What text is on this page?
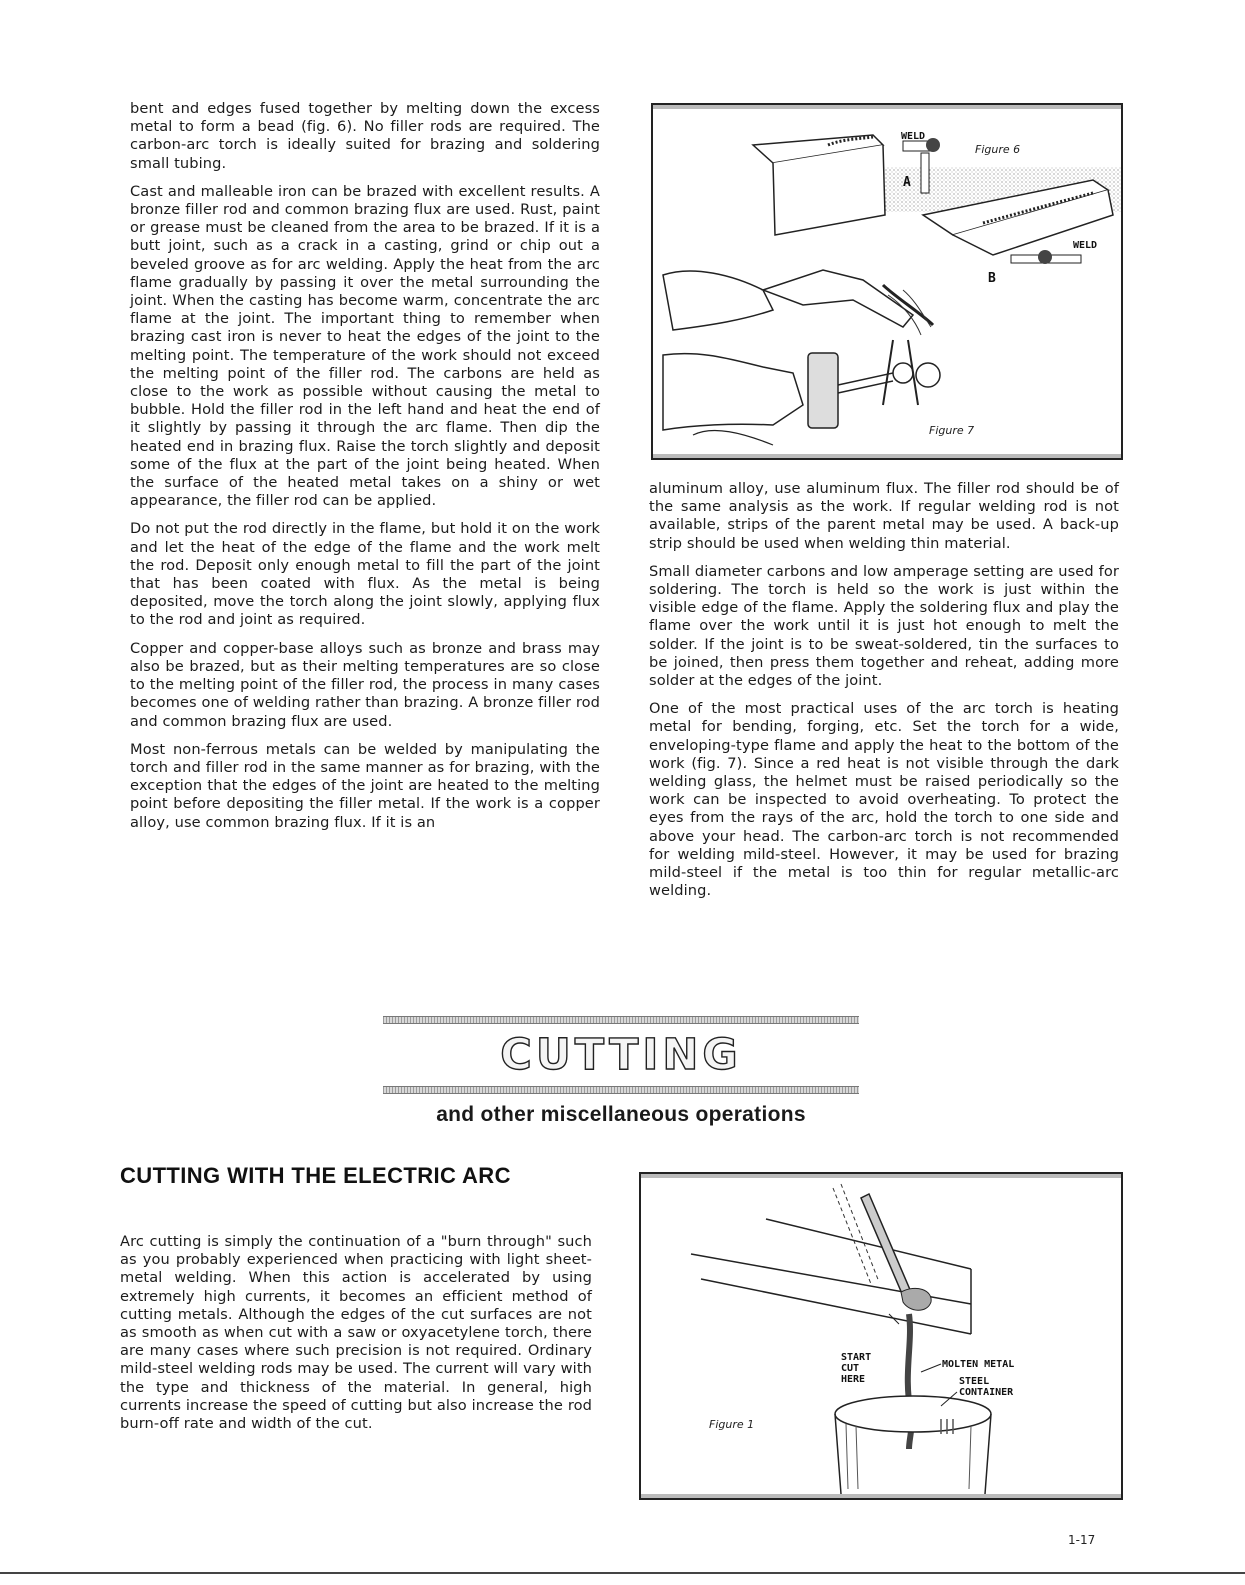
bent and edges fused together by melting down the excess metal to form a bead (fig. 6). No filler rods are required. The carbon-arc torch is ideally suited for brazing and soldering small tubing.

Cast and malleable iron can be brazed with excellent results. A bronze filler rod and common brazing flux are used. Rust, paint or grease must be cleaned from the area to be brazed. If it is a butt joint, such as a crack in a casting, grind or chip out a beveled groove as for arc welding. Apply the heat from the arc flame gradually by passing it over the metal surrounding the joint. When the casting has become warm, concentrate the arc flame at the joint. The important thing to remember when brazing cast iron is never to heat the edges of the joint to the melting point. The temperature of the work should not exceed the melting point of the filler rod. The carbons are held as close to the work as possible without causing the metal to bubble. Hold the filler rod in the left hand and heat the end of it slightly by passing it through the arc flame. Then dip the heated end in brazing flux. Raise the torch slightly and deposit some of the flux at the part of the joint being heated. When the surface of the heated metal takes on a shiny or wet appearance, the filler rod can be applied.

Do not put the rod directly in the flame, but hold it on the work and let the heat of the edge of the flame and the work melt the rod. Deposit only enough metal to fill the part of the joint that has been coated with flux. As the metal is being deposited, move the torch along the joint slowly, applying flux to the rod and joint as required.

Copper and copper-base alloys such as bronze and brass may also be brazed, but as their melting temperatures are so close to the melting point of the filler rod, the process in many cases becomes one of welding rather than brazing. A bronze filler rod and common brazing flux are used.

Most non-ferrous metals can be welded by manipulating the torch and filler rod in the same manner as for brazing, with the exception that the edges of the joint are heated to the melting point before depositing the filler metal. If the work is a copper alloy, use common brazing flux. If it is an

WELD
WELD
A
B
Figure 6
Figure 7

aluminum alloy, use aluminum flux. The filler rod should be of the same analysis as the work. If regular welding rod is not available, strips of the parent metal may be used. A back-up strip should be used when welding thin material.

Small diameter carbons and low amperage setting are used for soldering. The torch is held so the work is just within the visible edge of the flame. Apply the soldering flux and play the flame over the work until it is just hot enough to melt the solder. If the joint is to be sweat-soldered, tin the surfaces to be joined, then press them together and reheat, adding more solder at the edges of the joint.

One of the most practical uses of the arc torch is heating metal for bending, forging, etc. Set the torch for a wide, enveloping-type flame and apply the heat to the bottom of the work (fig. 7). Since a red heat is not visible through the dark welding glass, the helmet must be raised periodically so the work can be inspected to avoid overheating. To protect the eyes from the rays of the arc, hold the torch to one side and above your head. The carbon-arc torch is not recommended for welding mild-steel. However, it may be used for brazing mild-steel if the metal is too thin for regular metallic-arc welding.

CUTTING
and other miscellaneous operations
CUTTING WITH THE ELECTRIC ARC

Arc cutting is simply the continuation of a "burn through" such as you probably experienced when practicing with light sheet-metal welding. When this action is accelerated by using extremely high currents, it becomes an efficient method of cutting metals. Although the edges of the cut surfaces are not as smooth as when cut with a saw or oxyacetylene torch, there are many cases where such precision is not required. Ordinary mild-steel welding rods may be used. The current will vary with the type and thickness of the material. In general, high currents increase the speed of cutting but also increase the rod burn-off rate and width of the cut.

START
CUT
HERE
MOLTEN METAL
STEEL
CONTAINER
Figure 1
1-17
